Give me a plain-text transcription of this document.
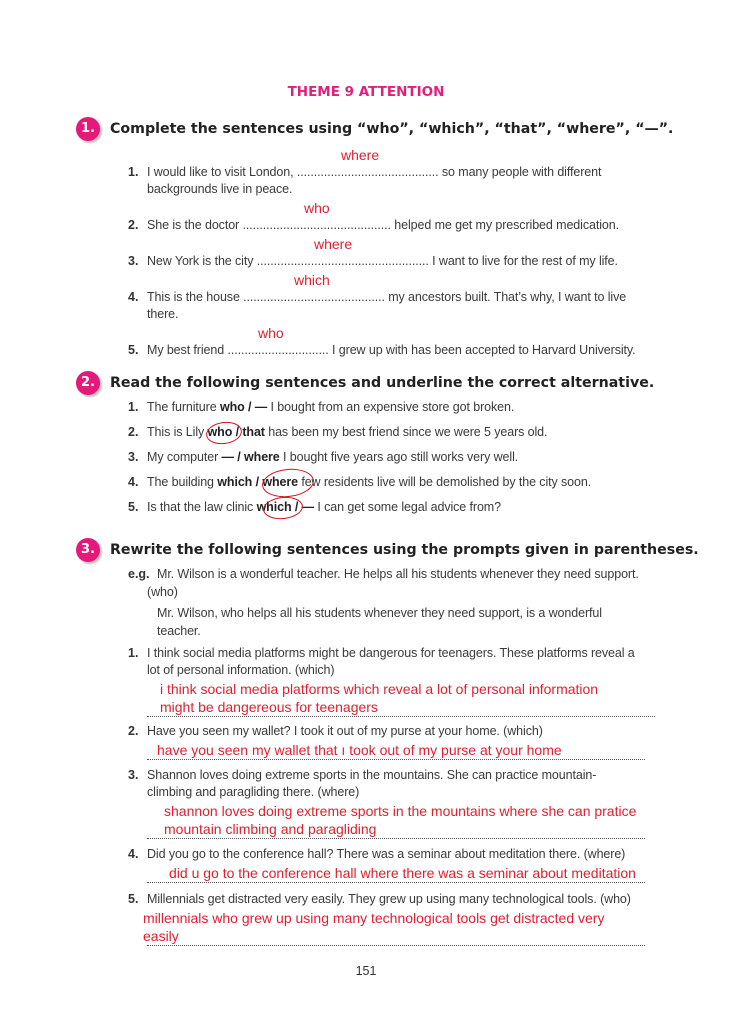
THEME 9 ATTENTION
1.	Complete the sentences using “who”, “which”, “that”, “where”, “—”.
where
1. I would like to visit London, .......................................... so many people with different
backgrounds live in peace.
who
2. She is the doctor ............................................ helped me get my prescribed medication.
where
3. New York is the city ................................................... I want to live for the rest of my life.
which
4. This is the house .......................................... my ancestors built. That’s why, I want to live
there.
who
5. My best friend .............................. I grew up with has been accepted to Harvard University.
2.	Read the following sentences and underline the correct alternative.
1. The furniture who / — I bought from an expensive store got broken.
2. This is Lily who / that has been my best friend since we were 5 years old.
3. My computer — / where I bought five years ago still works very well.
4. The building which / where few residents live will be demolished by the city soon.
5. Is that the law clinic which / — I can get some legal advice from?
3.	Rewrite the following sentences using the prompts given in parentheses.
e.g. Mr. Wilson is a wonderful teacher. He helps all his students whenever they need support.
(who)
Mr. Wilson, who helps all his students whenever they need support, is a wonderful
teacher.
1. I think social media platforms might be dangerous for teenagers. These platforms reveal a
lot of personal information. (which)
i think social media platforms which reveal a lot of personal information
might be dangereous for teenagers
2. Have you seen my wallet? I took it out of my purse at your home. (which)
have you seen my wallet that ı took out of my purse at your home
3. Shannon loves doing extreme sports in the mountains. She can practice mountain-
climbing and paragliding there. (where)
shannon loves doing extreme sports in the mountains where she can pratice
mountain climbing and paragliding
4. Did you go to the conference hall? There was a seminar about meditation there. (where)
did u go to the conference hall where there was a seminar about meditation
5. Millennials get distracted very easily. They grew up using many technological tools. (who)
millennials who grew up using many technological tools get distracted very
easily
151
